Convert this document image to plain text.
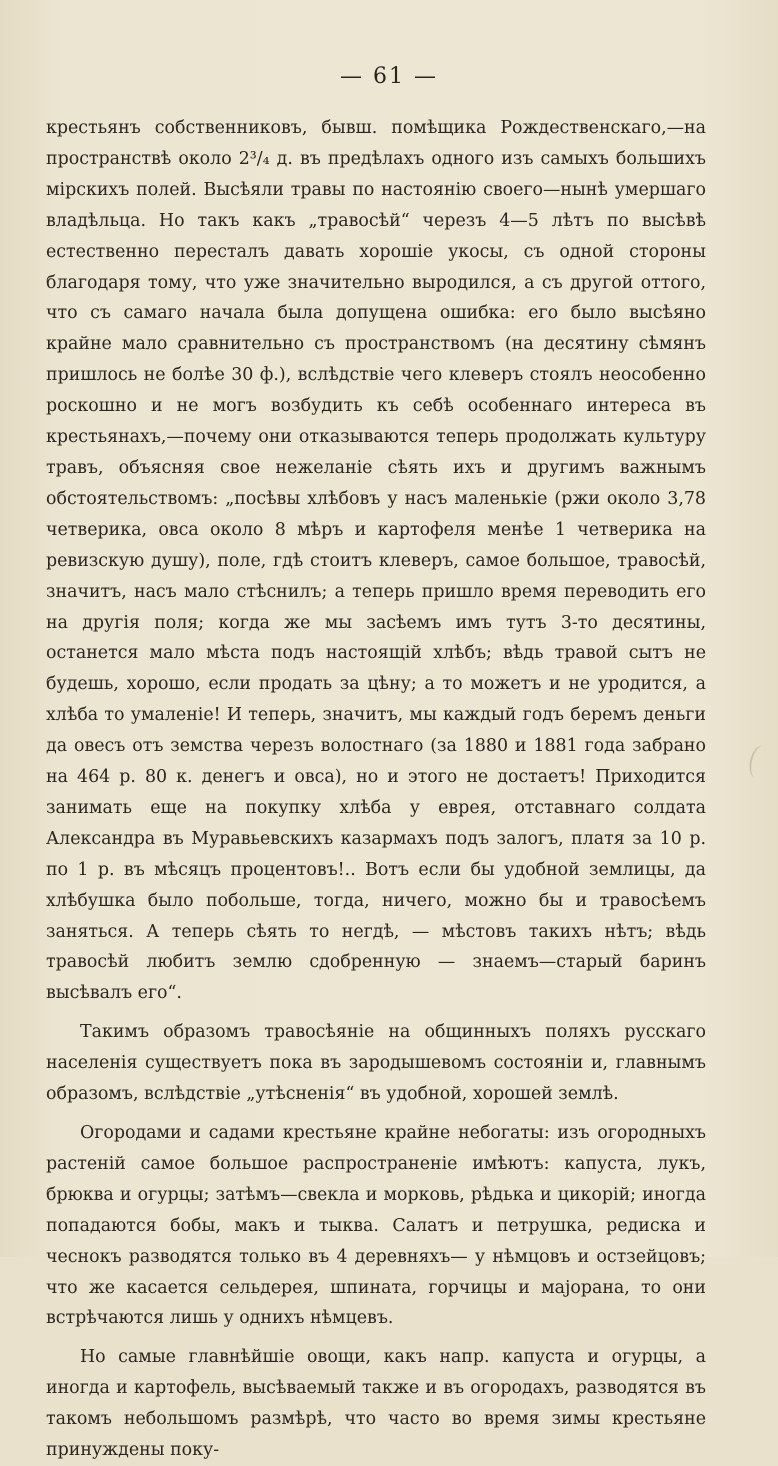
— 61 —

крестьянъ собственниковъ, бывш. помѣщика Рождественскаго,—на пространствѣ около 2³/₄ д. въ предѣлахъ одного изъ самыхъ большихъ мірскихъ полей. Высѣяли травы по настоянію своего—нынѣ умершаго владѣльца. Но такъ какъ „травосѣй“ черезъ 4—5 лѣтъ по высѣвѣ естественно пересталъ давать хорошіе укосы, съ одной стороны благодаря тому, что уже значительно выродился, а съ другой оттого, что съ самаго начала была допущена ошибка: его было высѣяно крайне мало сравнительно съ пространствомъ (на десятину сѣмянъ пришлось не болѣе 30 ф.), вслѣдствіе чего клеверъ стоялъ неособенно роскошно и не могъ возбудить къ себѣ особеннаго интереса въ крестьянахъ,—почему они отказываются теперь продолжать культуру травъ, объясняя свое нежеланіе сѣять ихъ и другимъ важнымъ обстоятельствомъ: „посѣвы хлѣбовъ у насъ маленькіе (ржи около 3,78 четверика, овса около 8 мѣръ и картофеля менѣе 1 четверика на ревизскую душу), поле, гдѣ стоитъ клеверъ, самое большое, травосѣй, значитъ, насъ мало стѣснилъ; а теперь пришло время переводить его на другія поля; когда же мы засѣемъ имъ тутъ 3-то десятины, останется мало мѣста подъ настоящій хлѣбъ; вѣдь травой сытъ не будешь, хорошо, если продать за цѣну; а то можетъ и не уродится, а хлѣба то умаленіе! И теперь, значитъ, мы каждый годъ беремъ деньги да овесъ отъ земства черезъ волостнаго (за 1880 и 1881 года забрано на 464 р. 80 к. денегъ и овса), но и этого не достаетъ! Приходится занимать еще на покупку хлѣба у еврея, отставнаго солдата Александра въ Муравьевскихъ казармахъ подъ залогъ, платя за 10 р. по 1 р. въ мѣсяцъ процентовъ!.. Вотъ если бы удобной землицы, да хлѣбушка было побольше, тогда, ничего, можно бы и травосѣемъ заняться. А теперь сѣять то негдѣ, — мѣстовъ такихъ нѣтъ; вѣдь травосѣй любитъ землю сдобренную — знаемъ—старый баринъ высѣвалъ его“.

Такимъ образомъ травосѣяніе на общинныхъ поляхъ русскаго населенія существуетъ пока въ зародышевомъ состояніи и, главнымъ образомъ, вслѣдствіе „утѣсненія“ въ удобной, хорошей землѣ.

Огородами и садами крестьяне крайне небогаты: изъ огородныхъ растеній самое большое распространеніе имѣютъ: капуста, лукъ, брюква и огурцы; затѣмъ—свекла и морковь, рѣдька и цикорій; иногда попадаются бобы, макъ и тыква. Салатъ и петрушка, редиска и чеснокъ разводятся только въ 4 деревняхъ— у нѣмцовъ и остзейцовъ; что же касается сельдерея, шпината, горчицы и мајорана, то они встрѣчаются лишь у однихъ нѣмцевъ.

Но самые главнѣйшіе овощи, какъ напр. капуста и огурцы, а иногда и картофель, высѣваемый также и въ огородахъ, разводятся въ такомъ небольшомъ размѣрѣ, что часто во время зимы крестьяне принуждены поку-
